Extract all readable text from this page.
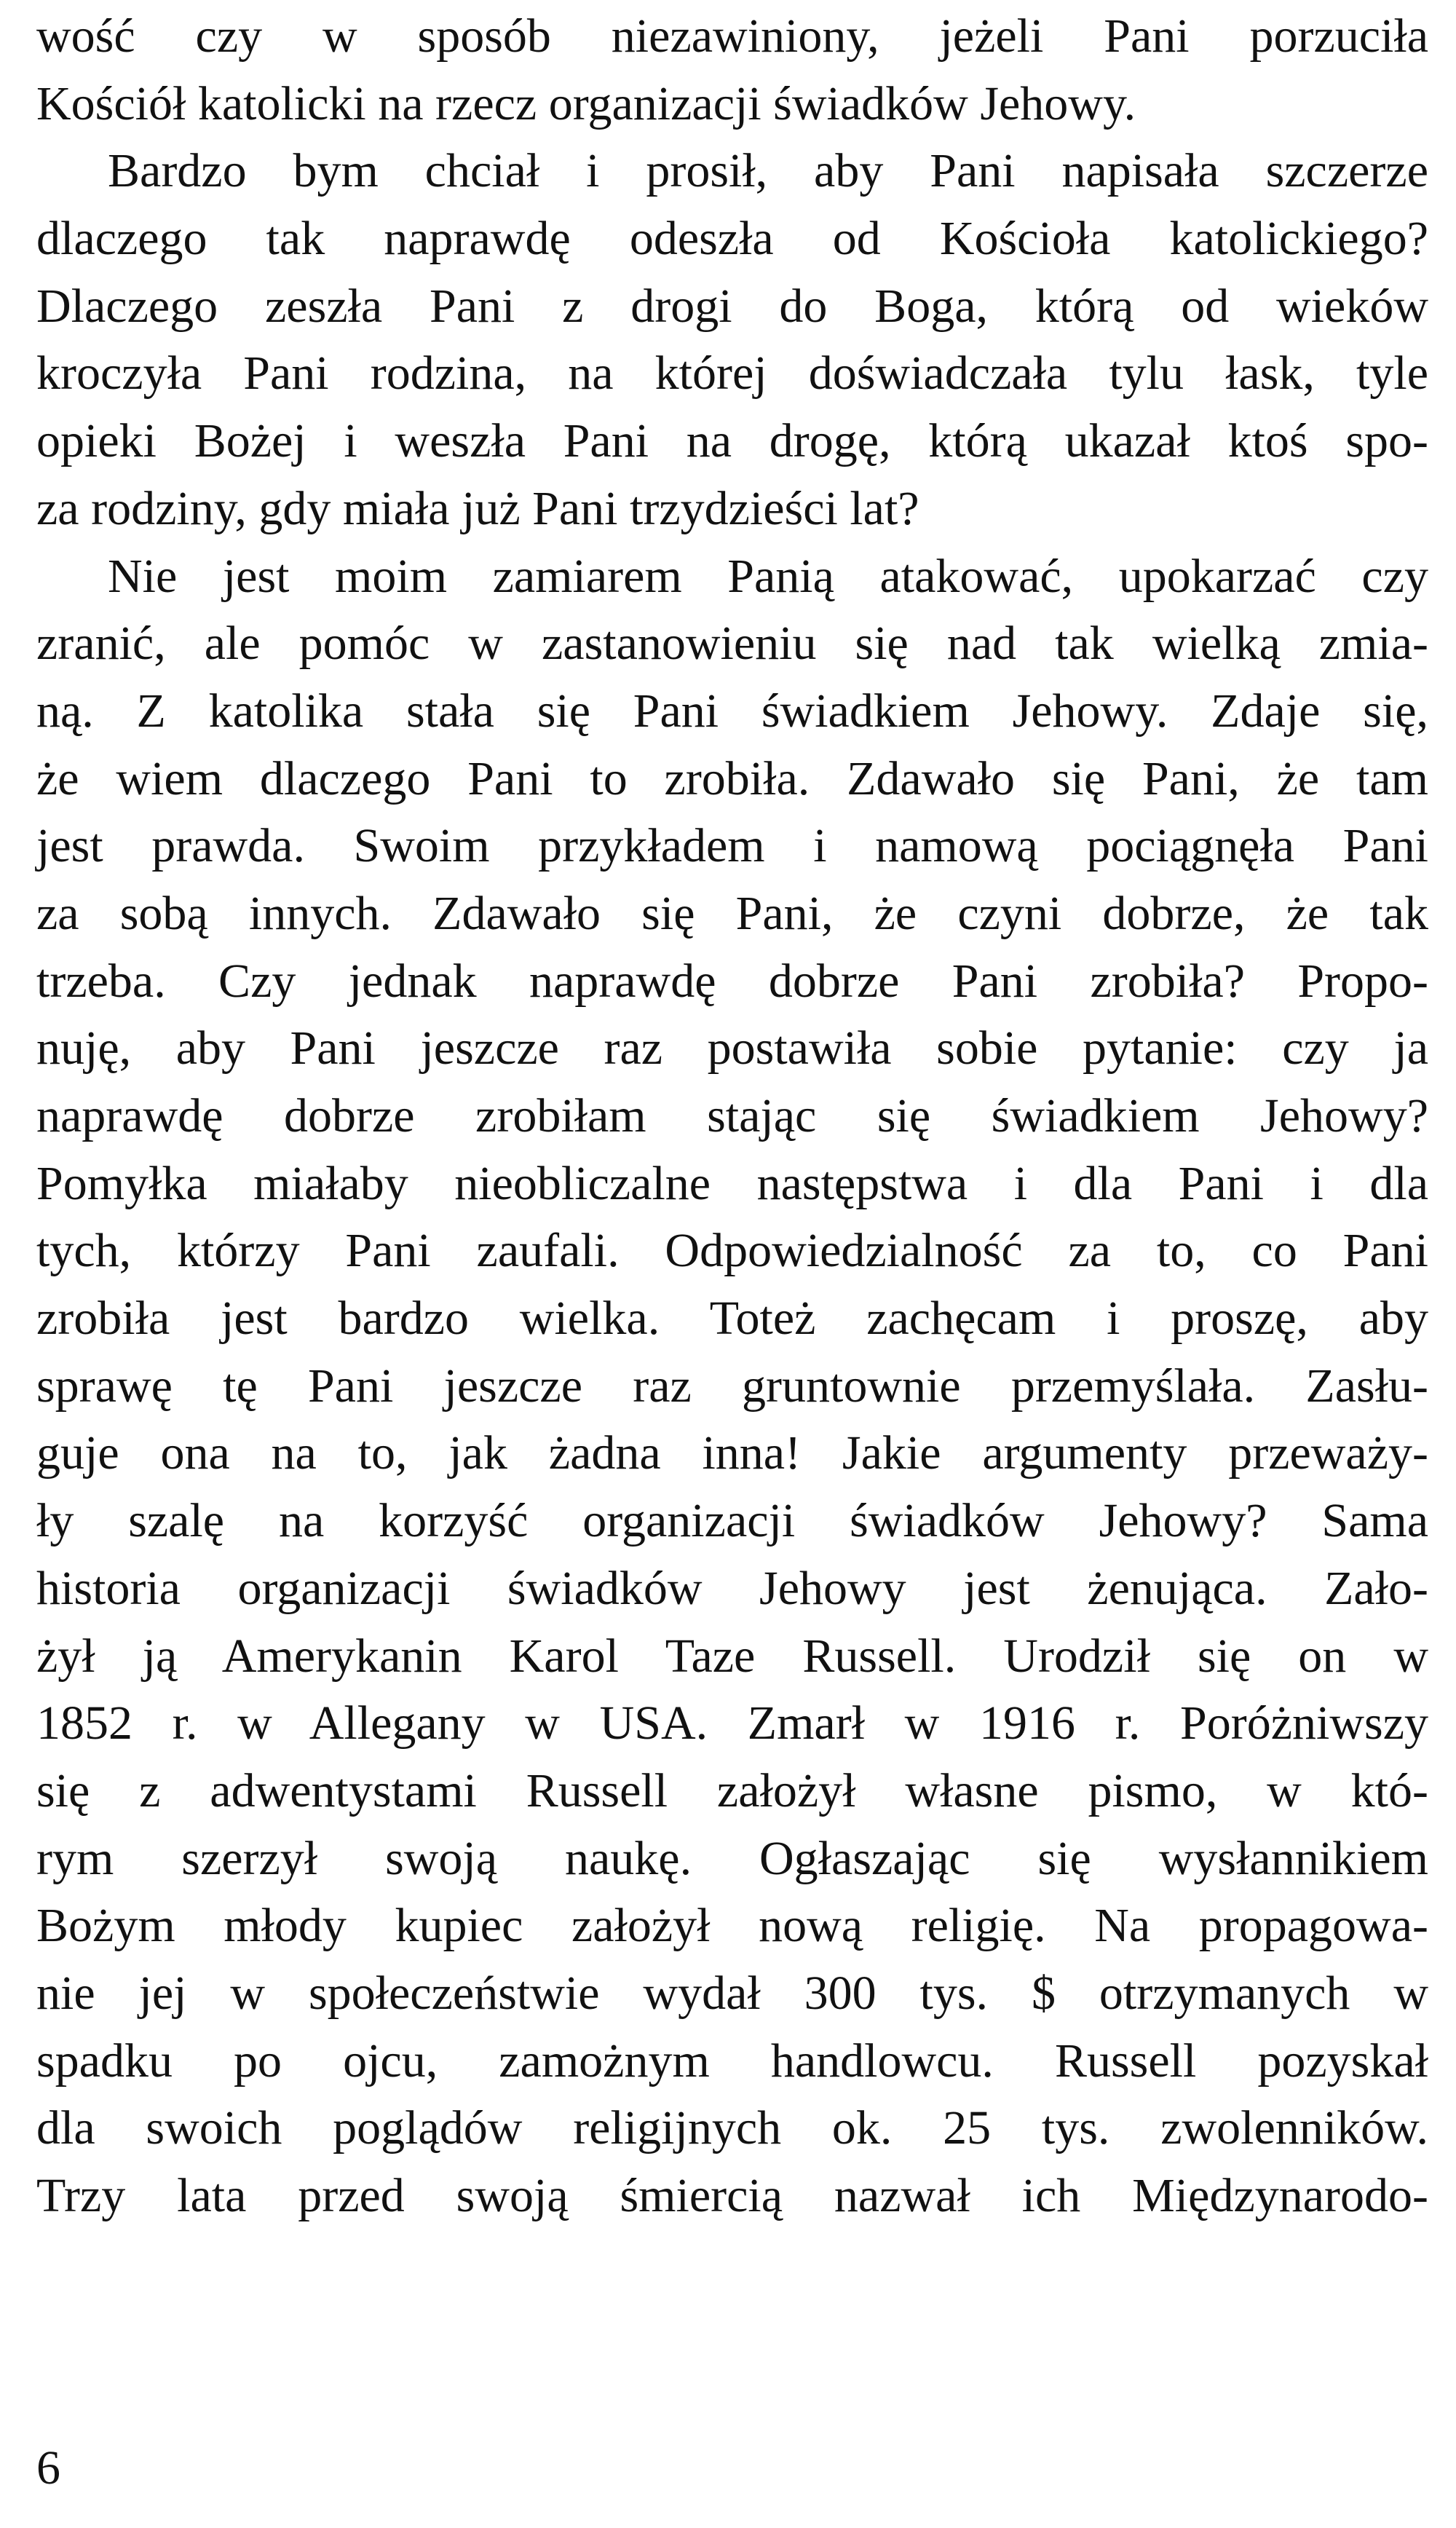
wość czy w sposób niezawiniony, jeżeli Pani porzuciła
Kościół katolicki na rzecz organizacji świadków Jehowy.
Bardzo bym chciał i prosił, aby Pani napisała szczerze
dlaczego tak naprawdę odeszła od Kościoła katolickiego?
Dlaczego zeszła Pani z drogi do Boga, którą od wieków
kroczyła Pani rodzina, na której doświadczała tylu łask, tyle
opieki Bożej i weszła Pani na drogę, którą ukazał ktoś spo-
za rodziny, gdy miała już Pani trzydzieści lat?
Nie jest moim zamiarem Panią atakować, upokarzać czy
zranić, ale pomóc w zastanowieniu się nad tak wielką zmia-
ną. Z katolika stała się Pani świadkiem Jehowy. Zdaje się,
że wiem dlaczego Pani to zrobiła. Zdawało się Pani, że tam
jest prawda. Swoim przykładem i namową pociągnęła Pani
za sobą innych. Zdawało się Pani, że czyni dobrze, że tak
trzeba. Czy jednak naprawdę dobrze Pani zrobiła? Propo-
nuję, aby Pani jeszcze raz postawiła sobie pytanie: czy ja
naprawdę dobrze zrobiłam stając się świadkiem Jehowy?
Pomyłka miałaby nieobliczalne następstwa i dla Pani i dla
tych, którzy Pani zaufali. Odpowiedzialność za to, co Pani
zrobiła jest bardzo wielka. Toteż zachęcam i proszę, aby
sprawę tę Pani jeszcze raz gruntownie przemyślała. Zasłu-
guje ona na to, jak żadna inna! Jakie argumenty przeważy-
ły szalę na korzyść organizacji świadków Jehowy? Sama
historia organizacji świadków Jehowy jest żenująca. Zało-
żył ją Amerykanin Karol Taze Russell. Urodził się on w
1852 r. w Allegany w USA. Zmarł w 1916 r. Poróżniwszy
się z adwentystami Russell założył własne pismo, w któ-
rym szerzył swoją naukę. Ogłaszając się wysłannikiem
Bożym młody kupiec założył nową religię. Na propagowa-
nie jej w społeczeństwie wydał 300 tys. $ otrzymanych w
spadku po ojcu, zamożnym handlowcu. Russell pozyskał
dla swoich poglądów religijnych ok. 25 tys. zwolenników.
Trzy lata przed swoją śmiercią nazwał ich Międzynarodo-
6
